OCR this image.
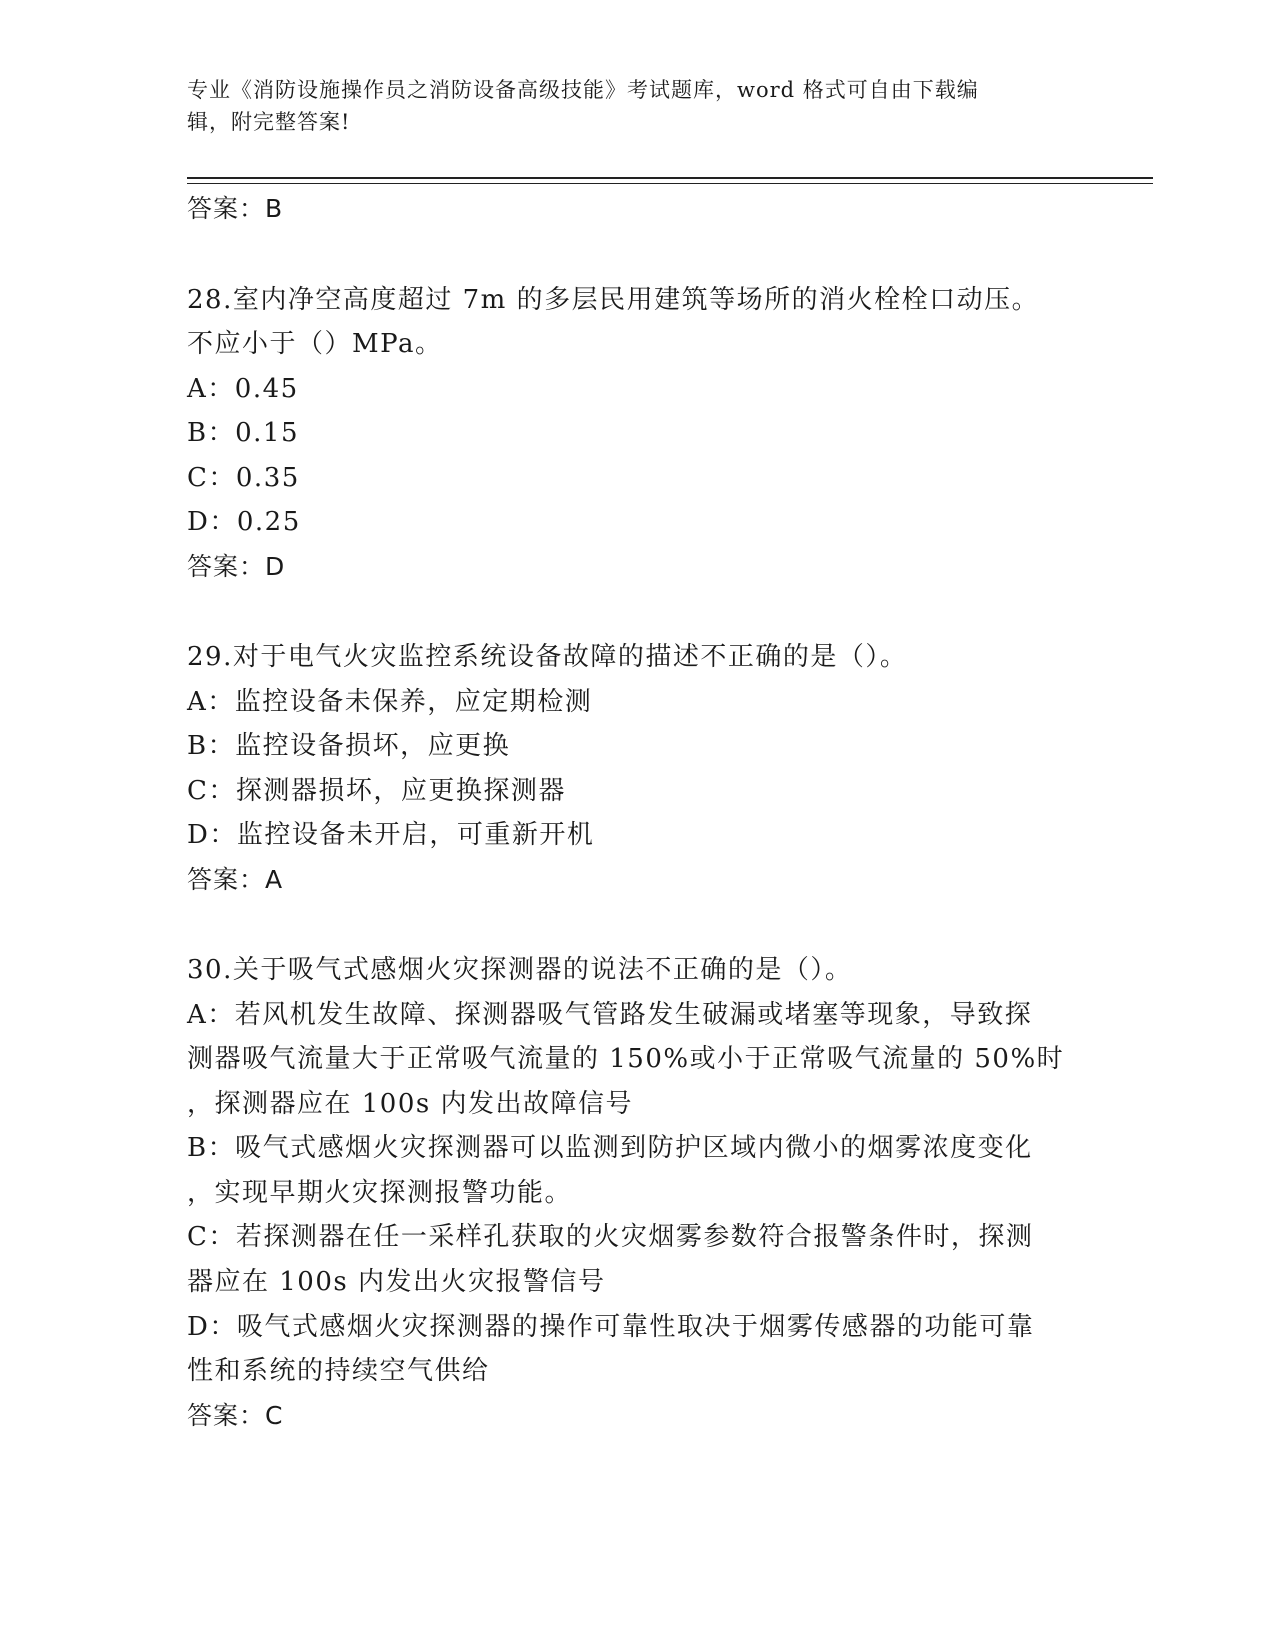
专业《消防设施操作员之消防设备高级技能》考试题库，word 格式可自由下载编
辑，附完整答案!
答案：B
28.室内净空高度超过 7m 的多层民用建筑等场所的消火栓栓口动压。
不应小于（）MPa。
A：0.45
B：0.15
C：0.35
D：0.25
答案：D
29.对于电气火灾监控系统设备故障的描述不正确的是（）。
A：监控设备未保养，应定期检测
B：监控设备损坏，应更换
C：探测器损坏，应更换探测器
D：监控设备未开启，可重新开机
答案：A
30.关于吸气式感烟火灾探测器的说法不正确的是（）。
A：若风机发生故障、探测器吸气管路发生破漏或堵塞等现象，导致探
测器吸气流量大于正常吸气流量的 150%或小于正常吸气流量的 50%时
，探测器应在 100s 内发出故障信号
B：吸气式感烟火灾探测器可以监测到防护区域内微小的烟雾浓度变化
，实现早期火灾探测报警功能。
C：若探测器在任一采样孔获取的火灾烟雾参数符合报警条件时，探测
器应在 100s 内发出火灾报警信号
D：吸气式感烟火灾探测器的操作可靠性取决于烟雾传感器的功能可靠
性和系统的持续空气供给
答案：C
